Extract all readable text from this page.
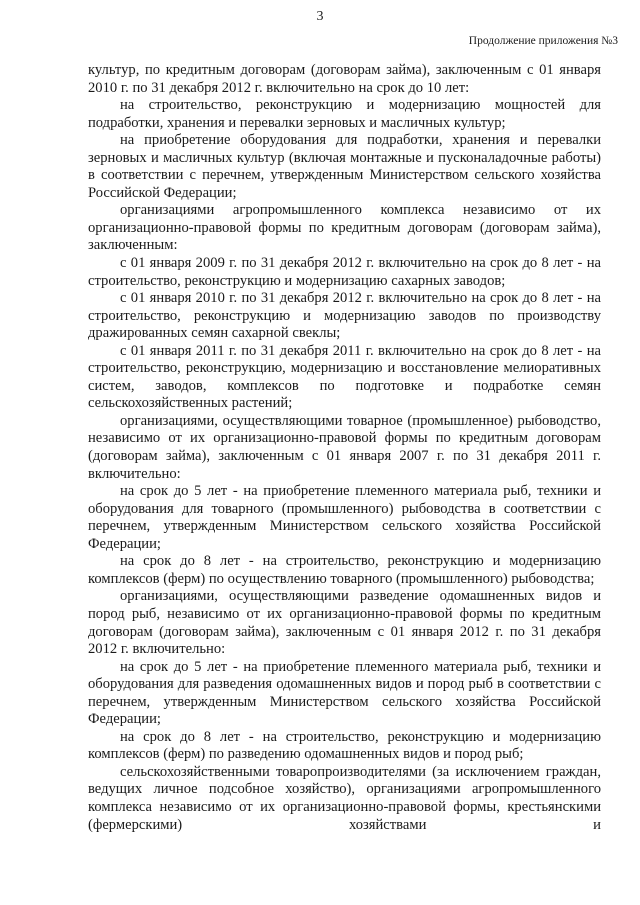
3
Продолжение приложения №3

культур, по кредитным договорам (договорам займа), заключенным с 01 января 2010 г. по 31 декабря 2012 г. включительно на срок до 10 лет:

на строительство, реконструкцию и модернизацию мощностей для подработки, хранения и перевалки зерновых и масличных культур;

на приобретение оборудования для подработки, хранения и перевалки зерновых и масличных культур (включая монтажные и пусконаладочные работы) в соответствии с перечнем, утвержденным Министерством сельского хозяйства Российской Федерации;

организациями агропромышленного комплекса независимо от их организационно-правовой формы по кредитным договорам (договорам займа), заключенным:

с 01 января 2009 г. по 31 декабря 2012 г. включительно на срок до 8 лет - на строительство, реконструкцию и модернизацию сахарных заводов;

с 01 января 2010 г. по 31 декабря 2012 г. включительно на срок до 8 лет - на строительство, реконструкцию и модернизацию заводов по производству дражированных семян сахарной свеклы;

с 01 января 2011 г. по 31 декабря 2011 г. включительно на срок до 8 лет - на строительство, реконструкцию, модернизацию и восстановление мелиоративных систем, заводов, комплексов по подготовке и подработке семян сельскохозяйственных растений;

организациями, осуществляющими товарное (промышленное) рыбоводство, независимо от их организационно-правовой формы по кредитным договорам (договорам займа), заключенным с 01 января 2007 г. по 31 декабря 2011 г. включительно:

на срок до 5 лет - на приобретение племенного материала рыб, техники и оборудования для товарного (промышленного) рыбоводства в соответствии с перечнем, утвержденным Министерством сельского хозяйства Российской Федерации;

на срок до 8 лет - на строительство, реконструкцию и модернизацию комплексов (ферм) по осуществлению товарного (промышленного) рыбоводства;

организациями, осуществляющими разведение одомашненных видов и пород рыб, независимо от их организационно-правовой формы по кредитным договорам (договорам займа), заключенным с 01 января 2012 г. по 31 декабря 2012 г. включительно:

на срок до 5 лет - на приобретение племенного материала рыб, техники и оборудования для разведения одомашненных видов и пород рыб в соответствии с перечнем, утвержденным Министерством сельского хозяйства Российской Федерации;

на срок до 8 лет - на строительство, реконструкцию и модернизацию комплексов (ферм) по разведению одомашненных видов и пород рыб;

сельскохозяйственными товаропроизводителями (за исключением граждан, ведущих личное подсобное хозяйство), организациями агропромышленного комплекса независимо от их организационно-правовой формы, крестьянскими (фермерскими) хозяйствами и
